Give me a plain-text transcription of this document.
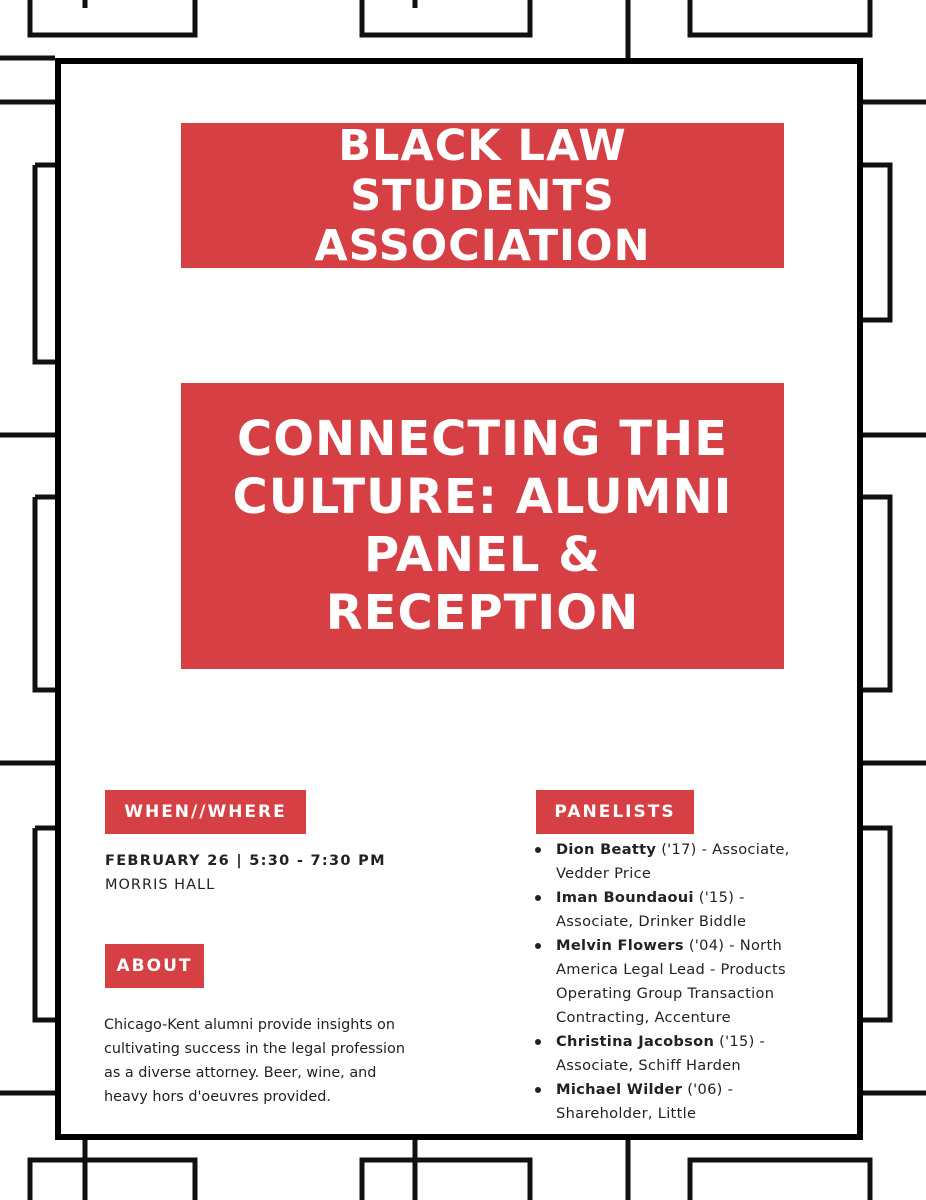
BLACK LAW STUDENTS ASSOCIATION
CONNECTING THE CULTURE: ALUMNI PANEL & RECEPTION
WHEN//WHERE
FEBRUARY 26 | 5:30 - 7:30 PM
MORRIS HALL
ABOUT

Chicago-Kent alumni provide insights on cultivating success in the legal profession as a diverse attorney. Beer, wine, and heavy hors d'oeuvres provided.

PANELISTS
Dion Beatty ('17) - Associate, Vedder Price
Iman Boundaoui ('15) - Associate, Drinker Biddle
Melvin Flowers ('04) - North America Legal Lead - Products Operating Group Transaction Contracting, Accenture
Christina Jacobson ('15) - Associate, Schiff Harden
Michael Wilder ('06) - Shareholder, Little
